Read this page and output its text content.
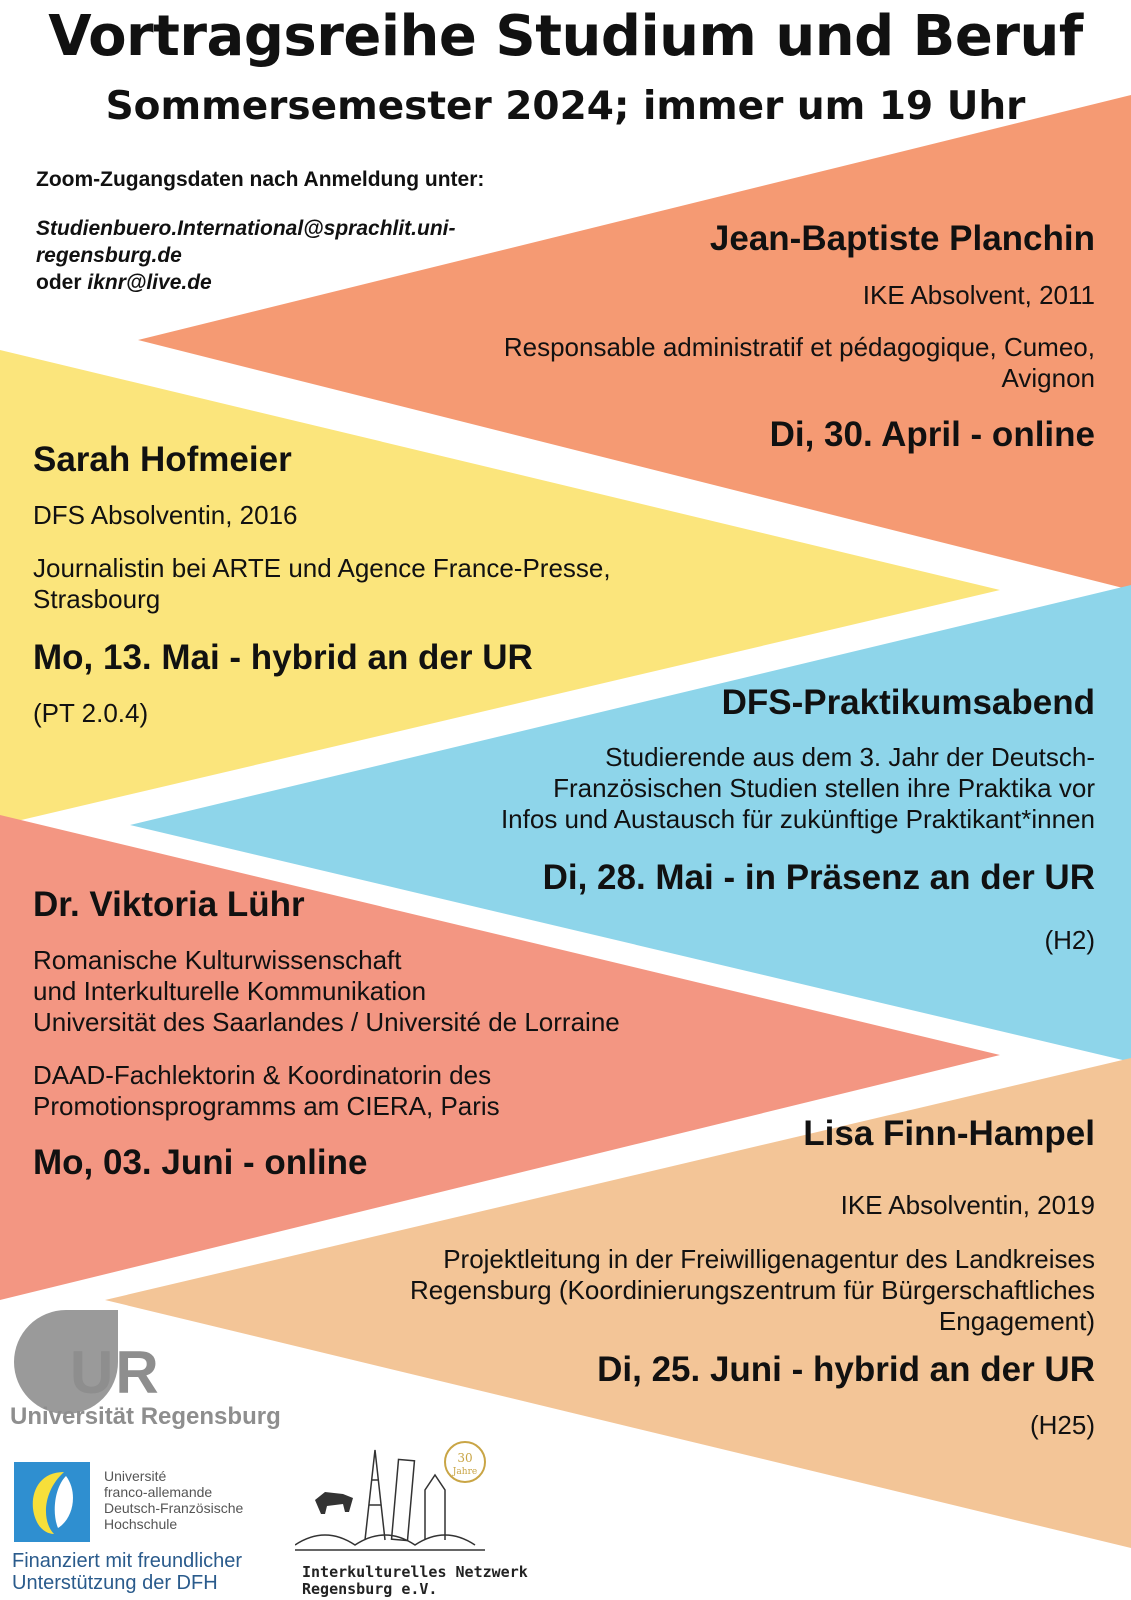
Vortragsreihe Studium und Beruf
Sommersemester 2024; immer um 19 Uhr
Zoom-Zugangsdaten nach Anmeldung unter:
Studienbuero.International@sprachlit.uni-
regensburg.de
oder iknr@live.de
Jean-Baptiste Planchin
IKE Absolvent, 2011
Responsable administratif et pédagogique, Cumeo,
Avignon
Di, 30. April - online
Sarah Hofmeier
DFS Absolventin, 2016
Journalistin bei ARTE und Agence France-Presse,
Strasbourg
Mo, 13. Mai - hybrid an der UR
(PT 2.0.4)	DFS-Praktikumsabend
Studierende aus dem 3. Jahr der Deutsch-
Französischen Studien stellen ihre Praktika vor
Infos und Austausch für zukünftige Praktikant*innen
Di, 28. Mai - in Präsenz an der UR
(H2)
Dr. Viktoria Lühr
Romanische Kulturwissenschaft
und Interkulturelle Kommunikation
Universität des Saarlandes / Université de Lorraine
DAAD-Fachlektorin & Koordinatorin des
Promotionsprogramms am CIERA, Paris
Mo, 03. Juni - online
Lisa Finn-Hampel
IKE Absolventin, 2019
Projektleitung in der Freiwilligenagentur des Landkreises
Regensburg (Koordinierungszentrum für Bürgerschaftliches
Engagement)
Di, 25. Juni - hybrid an der UR
(H25)
UR
Universität Regensburg
Université
franco-allemande
Deutsch-Französische
Hochschule
Finanziert mit freundlicher
Unterstützung der DFH
30
Jahre
Interkulturelles Netzwerk
Regensburg e.V.
